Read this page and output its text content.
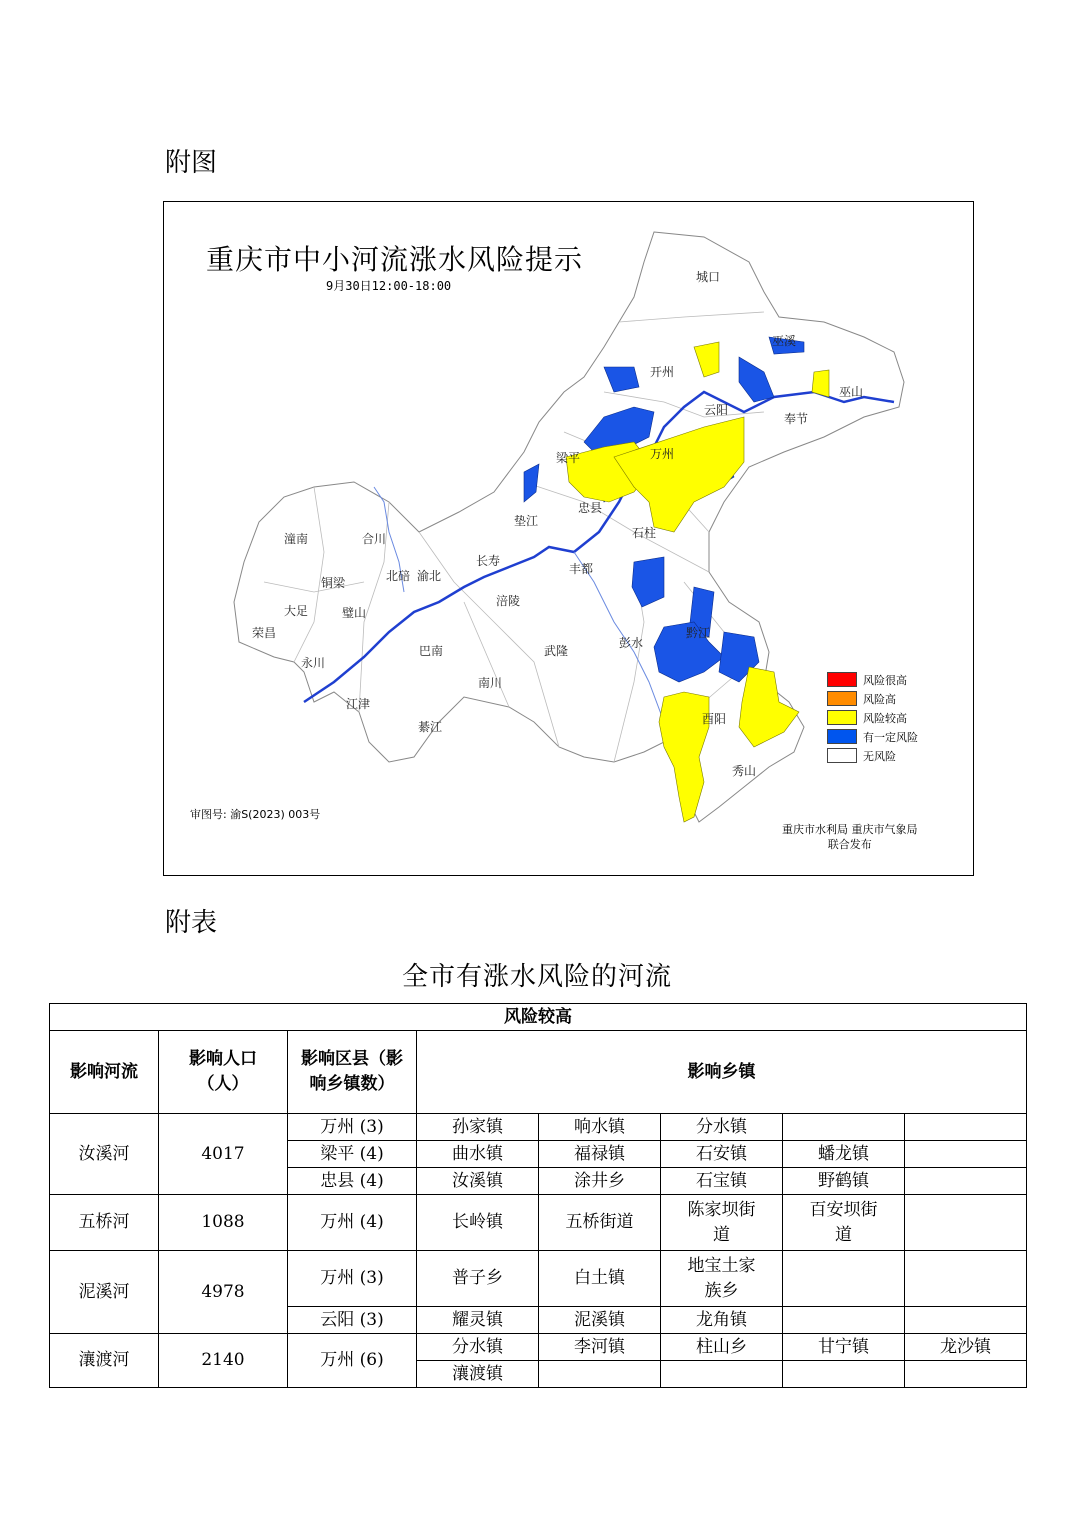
附图
重庆市中小河流涨水风险提示
9月30日12:00-18:00
城口
巫溪
巫山
开州
云阳
奉节
梁平	万州
忠县
石柱
垫江
长寿
丰都
涪陵
潼南	合川
铜梁	北碚 渝北
大足	璧山
荣昌
永川
巴南	武隆
彭水
黔江
南川
江津
綦江
酉阳
秀山
风险很高
风险高
风险较高
有一定风险
无风险
审图号: 渝S(2023) 003号
重庆市水利局 重庆市气象局
联合发布
附表
全市有涨水风险的河流
风险较高							
影响河流	影响人口（人）	影响区县（影响乡镇数）	影响乡镇				
汝溪河	4017	万州 (3)	孙家镇	响水镇	分水镇		
		梁平 (4)	曲水镇	福禄镇	石安镇	蟠龙镇	
		忠县 (4)	汝溪镇	涂井乡	石宝镇	野鹤镇	
五桥河	1088	万州 (4)	长岭镇	五桥街道	陈家坝街道	百安坝街道	
泥溪河	4978	万州 (3)	普子乡	白土镇	地宝土家族乡		
		云阳 (3)	耀灵镇	泥溪镇	龙角镇		
瀼渡河	2140	万州 (6)	分水镇	李河镇	柱山乡	甘宁镇	龙沙镇
			瀼渡镇				
